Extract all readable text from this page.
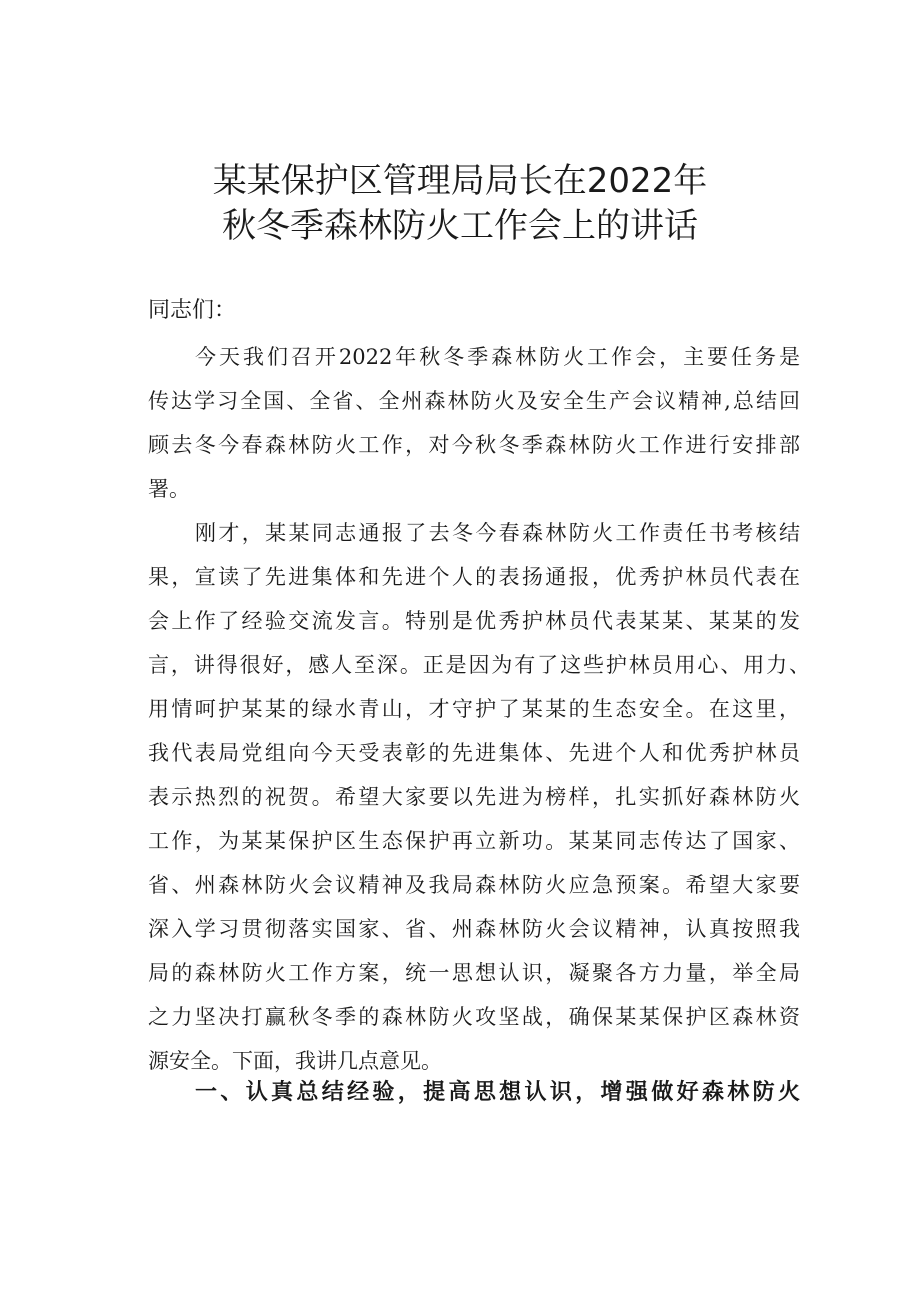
某某保护区管理局局长在2022年
秋冬季森林防火工作会上的讲话
同志们：
今天我们召开2022年秋冬季森林防火工作会，主要任务是
传达学习全国、全省、全州森林防火及安全生产会议精神,总结回
顾去冬今春森林防火工作，对今秋冬季森林防火工作进行安排部
署。
刚才，某某同志通报了去冬今春森林防火工作责任书考核结
果，宣读了先进集体和先进个人的表扬通报，优秀护林员代表在
会上作了经验交流发言。特别是优秀护林员代表某某、某某的发
言，讲得很好，感人至深。正是因为有了这些护林员用心、用力、
用情呵护某某的绿水青山，才守护了某某的生态安全。在这里，
我代表局党组向今天受表彰的先进集体、先进个人和优秀护林员
表示热烈的祝贺。希望大家要以先进为榜样，扎实抓好森林防火
工作，为某某保护区生态保护再立新功。某某同志传达了国家、
省、州森林防火会议精神及我局森林防火应急预案。希望大家要
深入学习贯彻落实国家、省、州森林防火会议精神，认真按照我
局的森林防火工作方案，统一思想认识，凝聚各方力量，举全局
之力坚决打赢秋冬季的森林防火攻坚战，确保某某保护区森林资
源安全。下面，我讲几点意见。
一、认真总结经验，提高思想认识，增强做好森林防火
